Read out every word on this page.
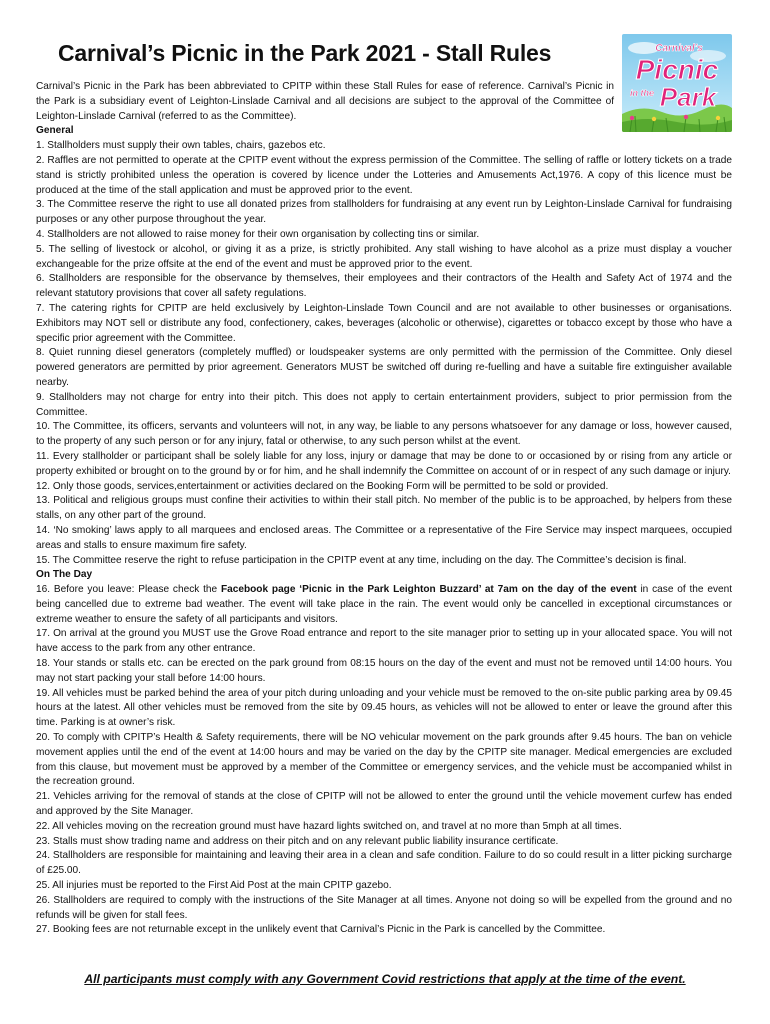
Carnival’s Picnic in the Park 2021 - Stall Rules	Carnival’s
Picnic
in the Park

Carnival’s Picnic in the Park has been abbreviated to CPITP within these Stall Rules for ease of reference. Carnival’s Picnic in the Park is a subsidiary event of Leighton-Linslade Carnival and all decisions are subject to the approval of the Committee of Leighton-Linslade Carnival (referred to as the Committee).

General

1. Stallholders must supply their own tables, chairs, gazebos etc.

2. Raffles are not permitted to operate at the CPITP event without the express permission of the Committee. The selling of raffle or lottery tickets on a trade stand is strictly prohibited unless the operation is covered by licence under the Lotteries and Amusements Act,1976. A copy of this licence must be produced at the time of the stall application and must be approved prior to the event.

3. The Committee reserve the right to use all donated prizes from stallholders for fundraising at any event run by Leighton-Linslade Carnival for fundraising purposes or any other purpose throughout the year.

4. Stallholders are not allowed to raise money for their own organisation by collecting tins or similar.

5. The selling of livestock or alcohol, or giving it as a prize, is strictly prohibited. Any stall wishing to have alcohol as a prize must display a voucher exchangeable for the prize offsite at the end of the event and must be approved prior to the event.

6. Stallholders are responsible for the observance by themselves, their employees and their contractors of the Health and Safety Act of 1974 and the relevant statutory provisions that cover all safety regulations.

7. The catering rights for CPITP are held exclusively by Leighton-Linslade Town Council and are not available to other businesses or organisations. Exhibitors may NOT sell or distribute any food, confectionery, cakes, beverages (alcoholic or otherwise), cigarettes or tobacco except by those who have a specific prior agreement with the Committee.

8. Quiet running diesel generators (completely muffled) or loudspeaker systems are only permitted with the permission of the Committee. Only diesel powered generators are permitted by prior agreement. Generators MUST be switched off during re-fuelling and have a suitable fire extinguisher available nearby.

9. Stallholders may not charge for entry into their pitch. This does not apply to certain entertainment providers, subject to prior permission from the Committee.

10. The Committee, its officers, servants and volunteers will not, in any way, be liable to any persons whatsoever for any damage or loss, however caused, to the property of any such person or for any injury, fatal or otherwise, to any such person whilst at the event.

11. Every stallholder or participant shall be solely liable for any loss, injury or damage that may be done to or occasioned by or rising from any article or property exhibited or brought on to the ground by or for him, and he shall indemnify the Committee on account of or in respect of any such damage or injury.

12. Only those goods, services,entertainment or activities declared on the Booking Form will be permitted to be sold or provided.

13. Political and religious groups must confine their activities to within their stall pitch. No member of the public is to be approached, by helpers from these stalls, on any other part of the ground.

14. ‘No smoking’ laws apply to all marquees and enclosed areas. The Committee or a representative of the Fire Service may inspect marquees, occupied areas and stalls to ensure maximum fire safety.

15. The Committee reserve the right to refuse participation in the CPITP event at any time, including on the day. The Committee’s decision is final.

On The Day

16. Before you leave: Please check the Facebook page ‘Picnic in the Park Leighton Buzzard’ at 7am on the day of the event in case of the event being cancelled due to extreme bad weather. The event will take place in the rain. The event would only be cancelled in exceptional circumstances or extreme weather to ensure the safety of all participants and visitors.

17. On arrival at the ground you MUST use the Grove Road entrance and report to the site manager prior to setting up in your allocated space. You will not have access to the park from any other entrance.

18. Your stands or stalls etc. can be erected on the park ground from 08:15 hours on the day of the event and must not be removed until 14:00 hours. You may not start packing your stall before 14:00 hours.

19. All vehicles must be parked behind the area of your pitch during unloading and your vehicle must be removed to the on-site public parking area by 09.45 hours at the latest. All other vehicles must be removed from the site by 09.45 hours, as vehicles will not be allowed to enter or leave the ground after this time. Parking is at owner’s risk.

20. To comply with CPITP’s Health & Safety requirements, there will be NO vehicular movement on the park grounds after 9.45 hours. The ban on vehicle movement applies until the end of the event at 14:00 hours and may be varied on the day by the CPITP site manager. Medical emergencies are excluded from this clause, but movement must be approved by a member of the Committee or emergency services, and the vehicle must be accompanied whilst in the recreation ground.

21. Vehicles arriving for the removal of stands at the close of CPITP will not be allowed to enter the ground until the vehicle movement curfew has ended and approved by the Site Manager.

22. All vehicles moving on the recreation ground must have hazard lights switched on, and travel at no more than 5mph at all times.

23. Stalls must show trading name and address on their pitch and on any relevant public liability insurance certificate.

24. Stallholders are responsible for maintaining and leaving their area in a clean and safe condition. Failure to do so could result in a litter picking surcharge of £25.00.

25. All injuries must be reported to the First Aid Post at the main CPITP gazebo.

26. Stallholders are required to comply with the instructions of the Site Manager at all times. Anyone not doing so will be expelled from the ground and no refunds will be given for stall fees.

27. Booking fees are not returnable except in the unlikely event that Carnival’s Picnic in the Park is cancelled by the Committee.

All participants must comply with any Government Covid restrictions that apply at the time of the event.
